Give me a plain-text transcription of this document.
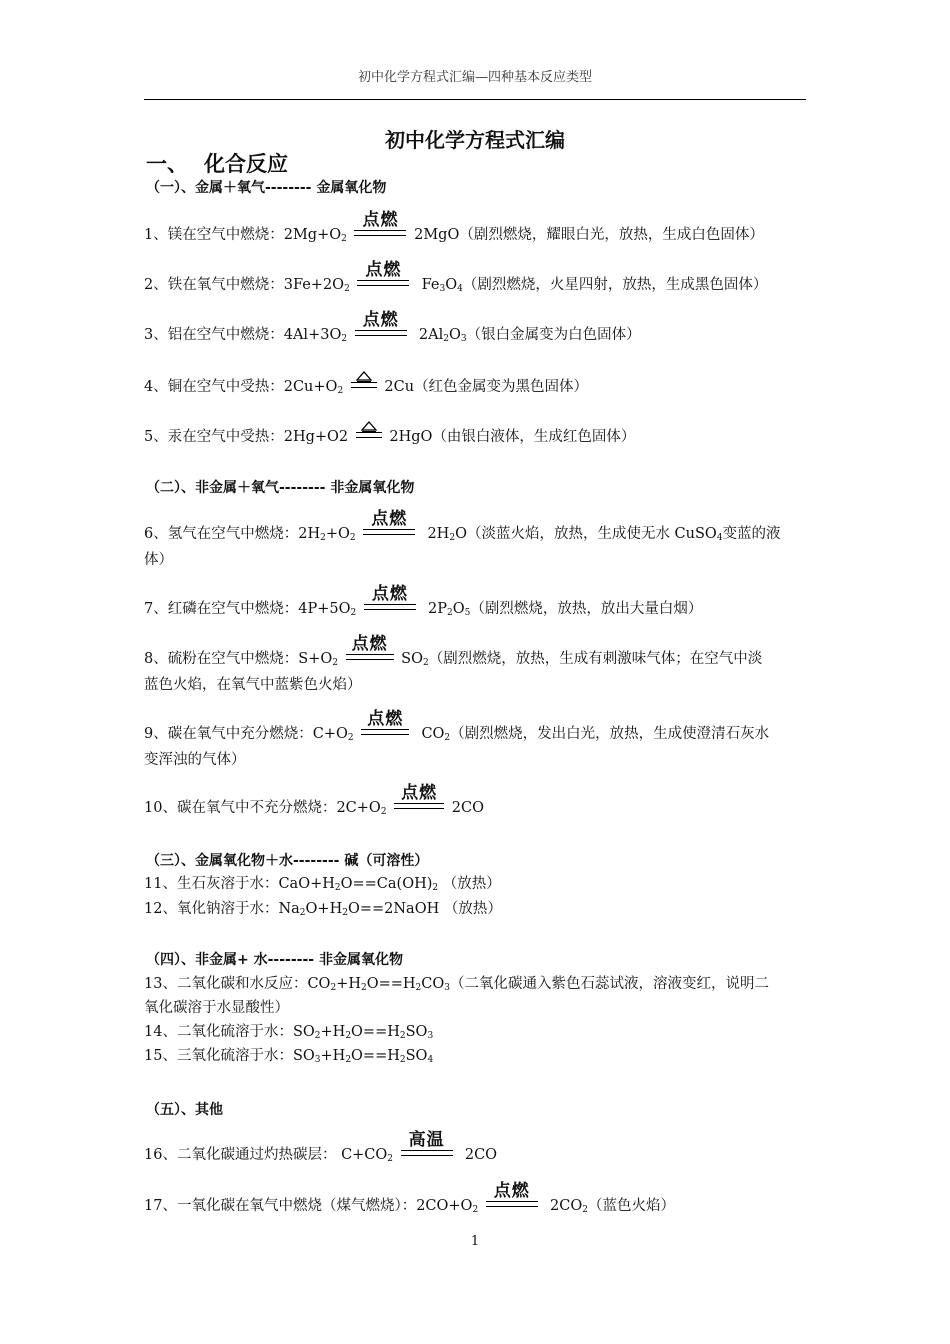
初中化学方程式汇编—四种基本反应类型
初中化学方程式汇编
一、 化合反应
（一）、金属＋氧气-------- 金属氧化物
1、镁在空气中燃烧：$2Mg+O_2$
点燃
2MgO（剧烈燃烧，耀眼白光，放热，生成白色固体）
2、铁在氧气中燃烧：$3Fe+2O_2$
点燃
$Fe_3O_4$（剧烈燃烧，火星四射，放热，生成黑色固体）
3、铝在空气中燃烧：$4Al+3O_2$
点燃
$2Al_2O_3$（银白金属变为白色固体）
4、铜在空气中受热：$2Cu+O_2$	2Cu（红色金属变为黑色固体）
5、汞在空气中受热：2Hg+O2	2HgO（由银白液体，生成红色固体）
（二）、非金属＋氧气-------- 非金属氧化物
6、氢气在空气中燃烧：$2H_2+O_2$
点燃
$2H_2O$（淡蓝火焰，放热，生成使无水 CuSO$_4$变蓝的液
体）
7、红磷在空气中燃烧：$4P+5O_2$
点燃
$2P_2O_5$（剧烈燃烧，放热，放出大量白烟）
8、硫粉在空气中燃烧：$S+O_2$
点燃
$SO_2$（剧烈燃烧，放热，生成有刺激味气体；在空气中淡
蓝色火焰，在氧气中蓝紫色火焰）
9、碳在氧气中充分燃烧：$C+O_2$
点燃
$CO_2$（剧烈燃烧，发出白光，放热，生成使澄清石灰水
变浑浊的气体）
10、碳在氧气中不充分燃烧：$2C+O_2$
点燃
2CO
（三）、金属氧化物＋水-------- 碱（可溶性）
11、生石灰溶于水：$CaO+H_2O==Ca(OH)_2$ （放热）
12、氧化钠溶于水：$Na_2O+H_2O==2NaOH$ （放热）
（四）、非金属+ 水-------- 非金属氧化物
13、二氧化碳和水反应：$CO_2+H_2O==H_2CO_3$（二氧化碳通入紫色石蕊试液，溶液变红，说明二
氧化碳溶于水显酸性）
14、二氧化硫溶于水：$SO_2+H_2O==H_2SO_3$
15、三氧化硫溶于水：$SO_3+H_2O==H_2SO_4$
（五）、其他
16、二氧化碳通过灼热碳层： $C+CO_2$
高温
2CO
17、一氧化碳在氧气中燃烧（煤气燃烧）：$2CO+O_2$
点燃
$2CO_2$（蓝色火焰）
1
